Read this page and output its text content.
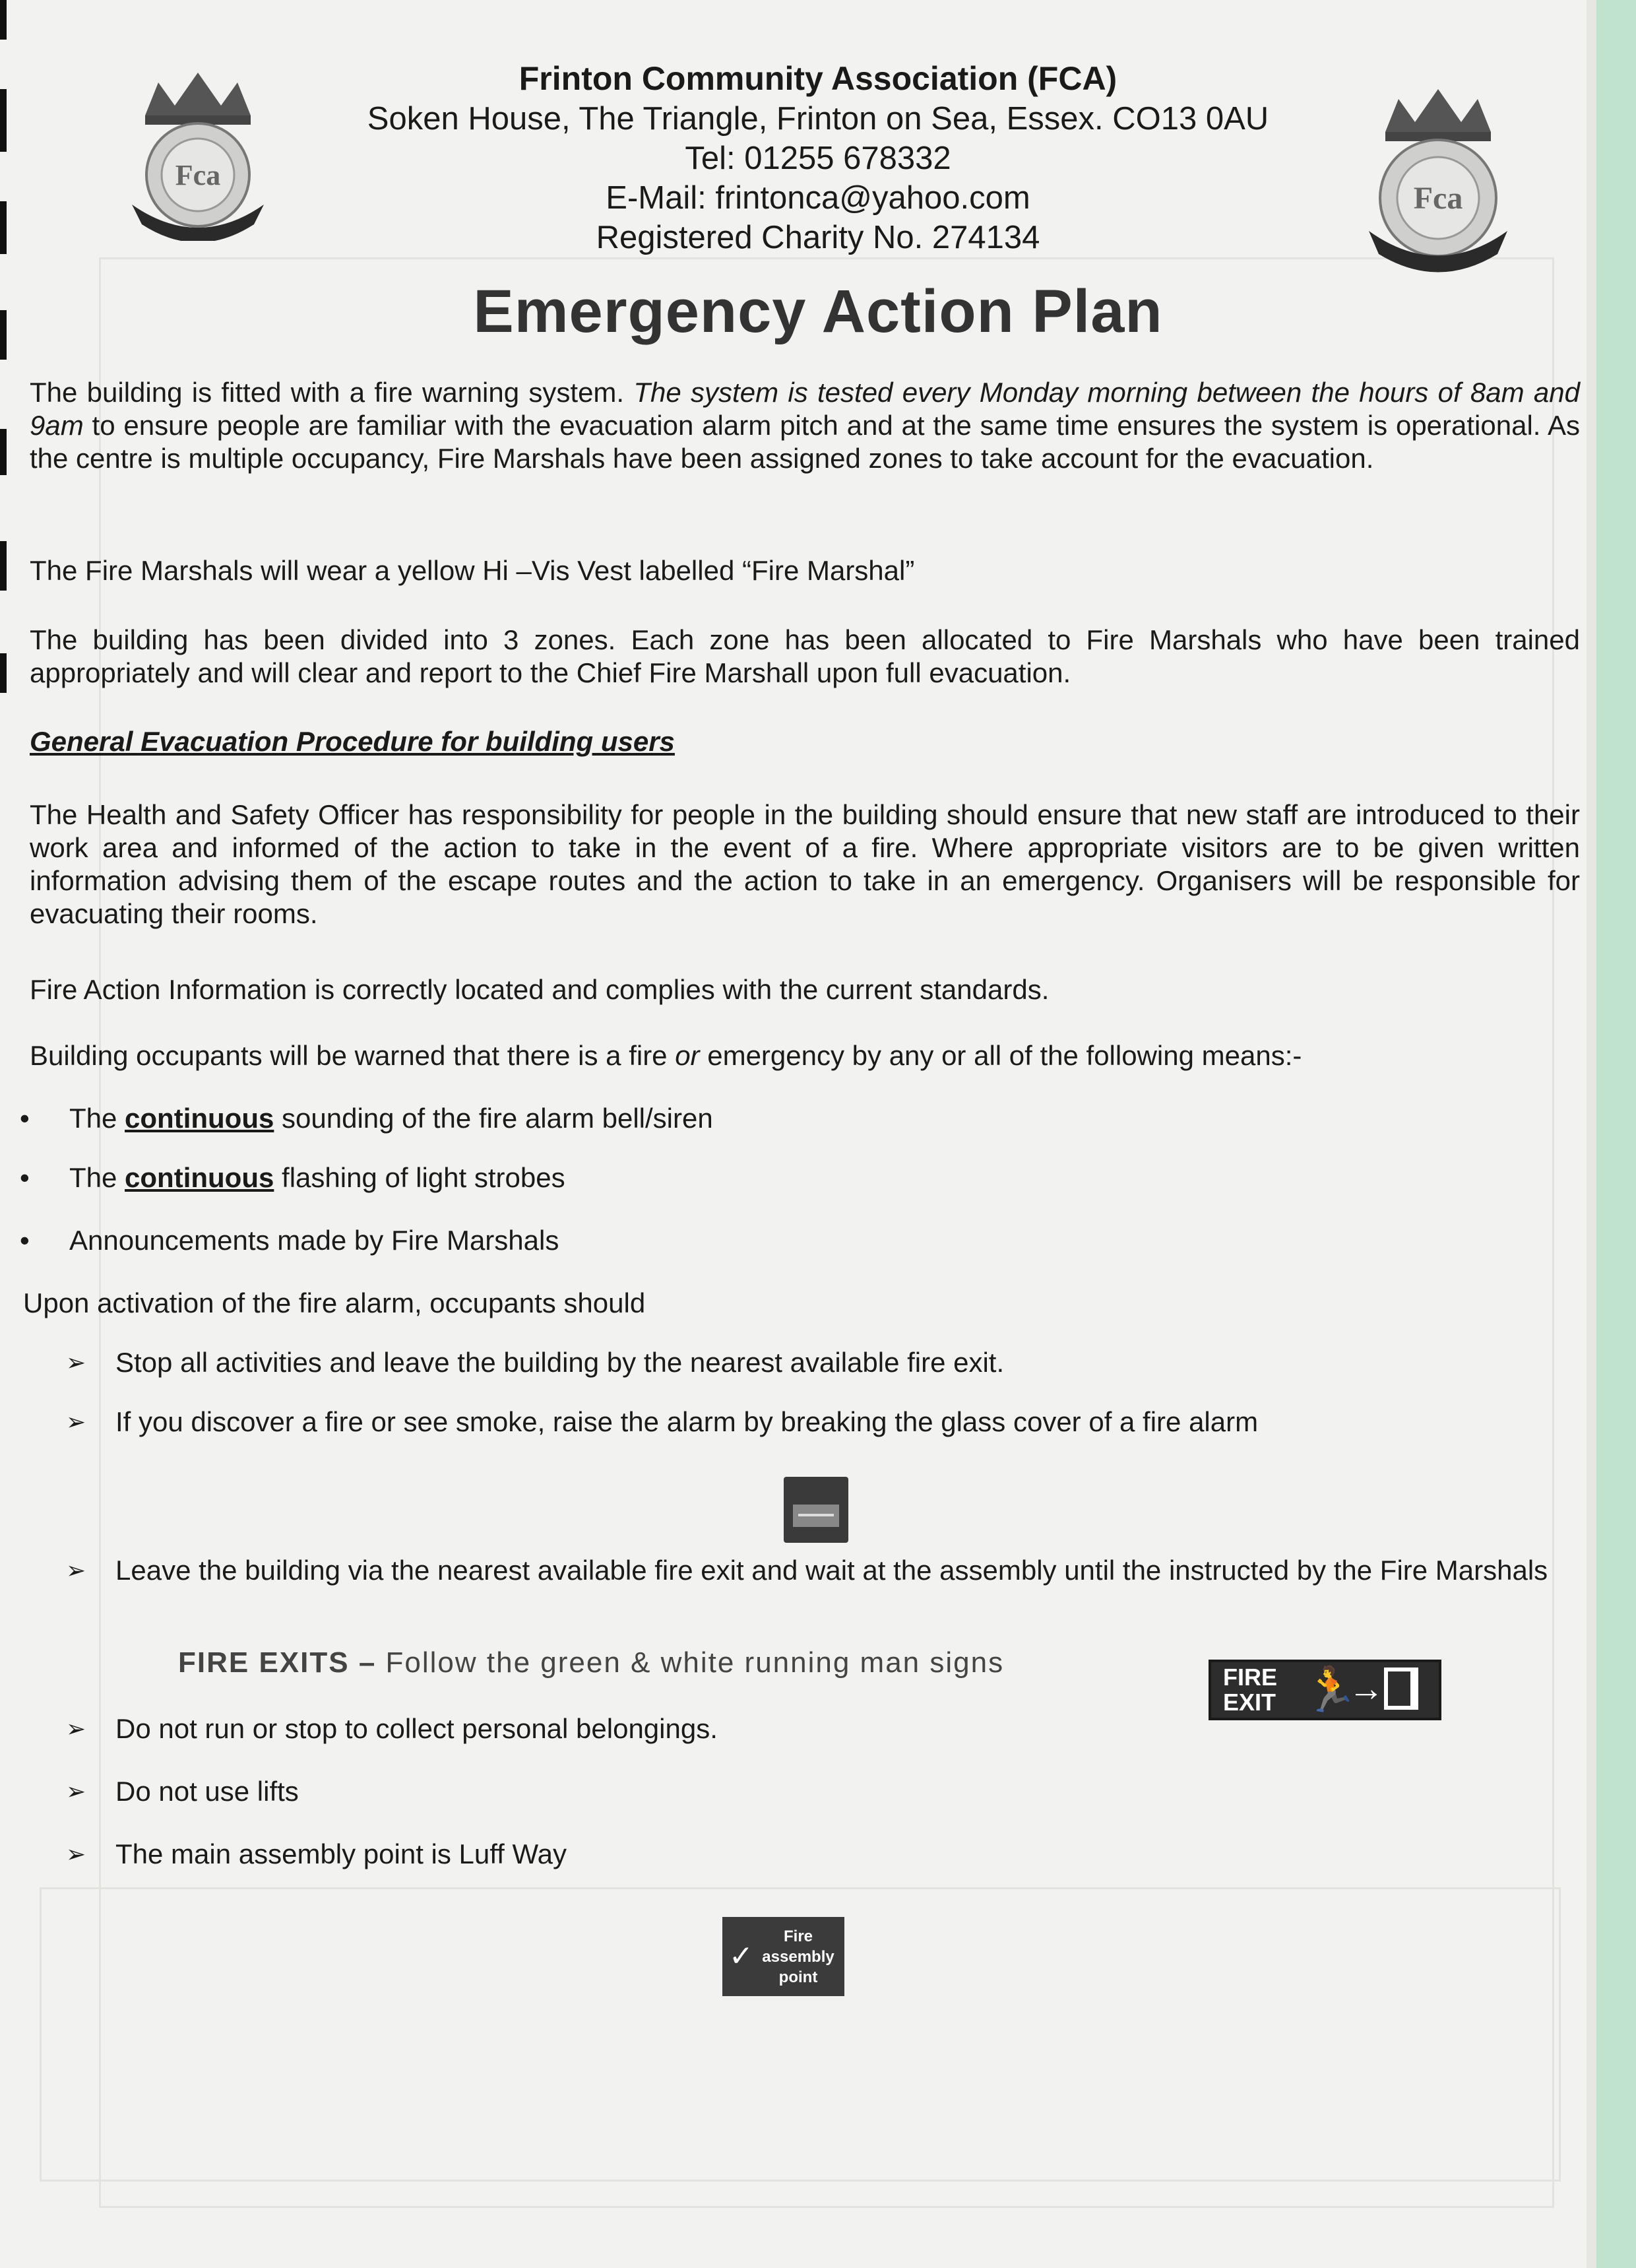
Fca
Fca
Frinton Community Association (FCA)
Soken House, The Triangle, Frinton on Sea, Essex. CO13 0AU
Tel: 01255 678332
E-Mail: frintonca@yahoo.com
Registered Charity No. 274134
Emergency Action Plan
The building is fitted with a fire warning system. The system is tested every Monday morning between the hours of 8am and 9am to ensure people are familiar with the evacuation alarm pitch and at the same time ensures the system is operational. As the centre is multiple occupancy, Fire Marshals have been assigned zones to take account for the evacuation.
The Fire Marshals will wear a yellow Hi –Vis Vest labelled “Fire Marshal”
The building has been divided into 3 zones. Each zone has been allocated to Fire Marshals who have been trained appropriately and will clear and report to the Chief Fire Marshall upon full evacuation.
General Evacuation Procedure for building users
The Health and Safety Officer has responsibility for people in the building should ensure that new staff are introduced to their work area and informed of the action to take in the event of a fire. Where appropriate visitors are to be given written information advising them of the escape routes and the action to take in an emergency. Organisers will be responsible for evacuating their rooms.
Fire Action Information is correctly located and complies with the current standards.
Building occupants will be warned that there is a fire or emergency by any or all of the following means:-
• The continuous sounding of the fire alarm bell/siren
• The continuous flashing of light strobes
• Announcements made by Fire Marshals
Upon activation of the fire alarm, occupants should
➢ Stop all activities and leave the building by the nearest available fire exit.
➢ If you discover a fire or see smoke, raise the alarm by breaking the glass cover of a fire alarm
➢ Leave the building via the nearest available fire exit and wait at the assembly until the instructed by the Fire Marshals
FIRE EXITS – Follow the green & white running man signs	FIRE
EXIT 🏃
→
➢ Do not run or stop to collect personal belongings.
➢ Do not use lifts
➢ The main assembly point is Luff Way
✓
Fire
assembly
point
